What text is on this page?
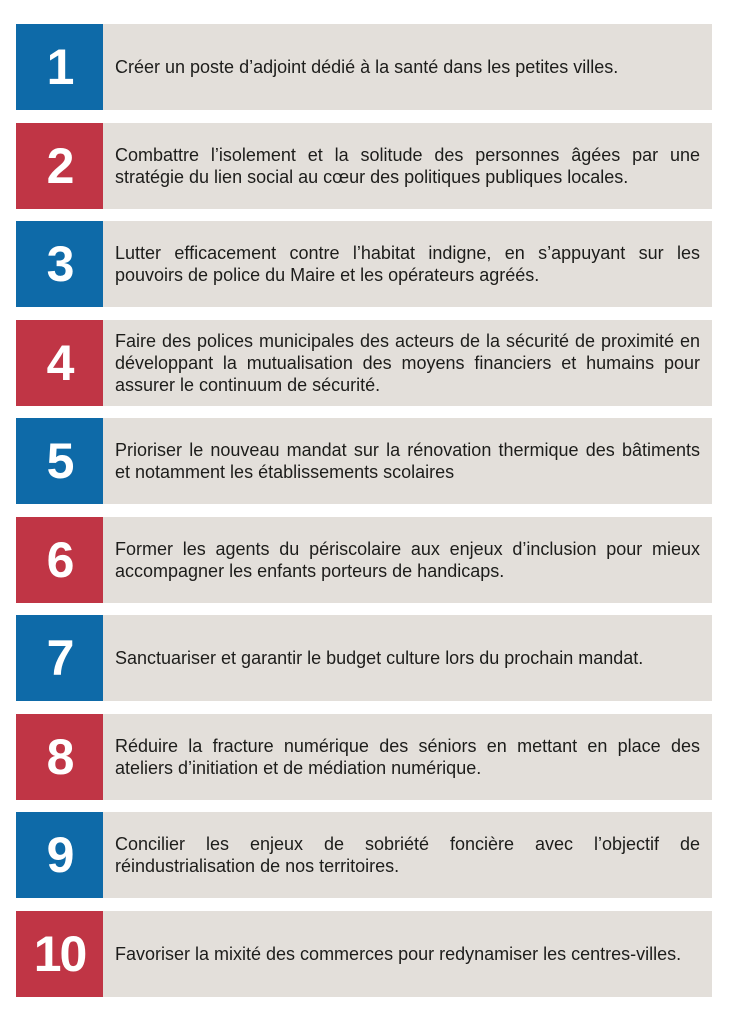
1	Créer un poste d’adjoint dédié à la santé dans les petites villes.
2	Combattre l’isolement et la solitude des personnes âgées par une stratégie du lien social au cœur des politiques publiques locales.
3	Lutter efficacement contre l’habitat indigne, en s’appuyant sur les pouvoirs de police du Maire et les opérateurs agréés.
4	Faire des polices municipales des acteurs de la sécurité de proximité en développant la mutualisation des moyens financiers et humains pour assurer le continuum de sécurité.
5	Prioriser le nouveau mandat sur la rénovation thermique des bâtiments et notamment les établissements scolaires
6	Former les agents du périscolaire aux enjeux d’inclusion pour mieux accompagner les enfants porteurs de handicaps.
7	Sanctuariser et garantir le budget culture lors du prochain mandat.
8	Réduire la fracture numérique des séniors en mettant en place des ateliers d’initiation et de médiation numérique.
9	Concilier les enjeux de sobriété foncière avec l’objectif de réindustrialisation de nos territoires.
10	Favoriser la mixité des commerces pour redynamiser les centres-villes.
